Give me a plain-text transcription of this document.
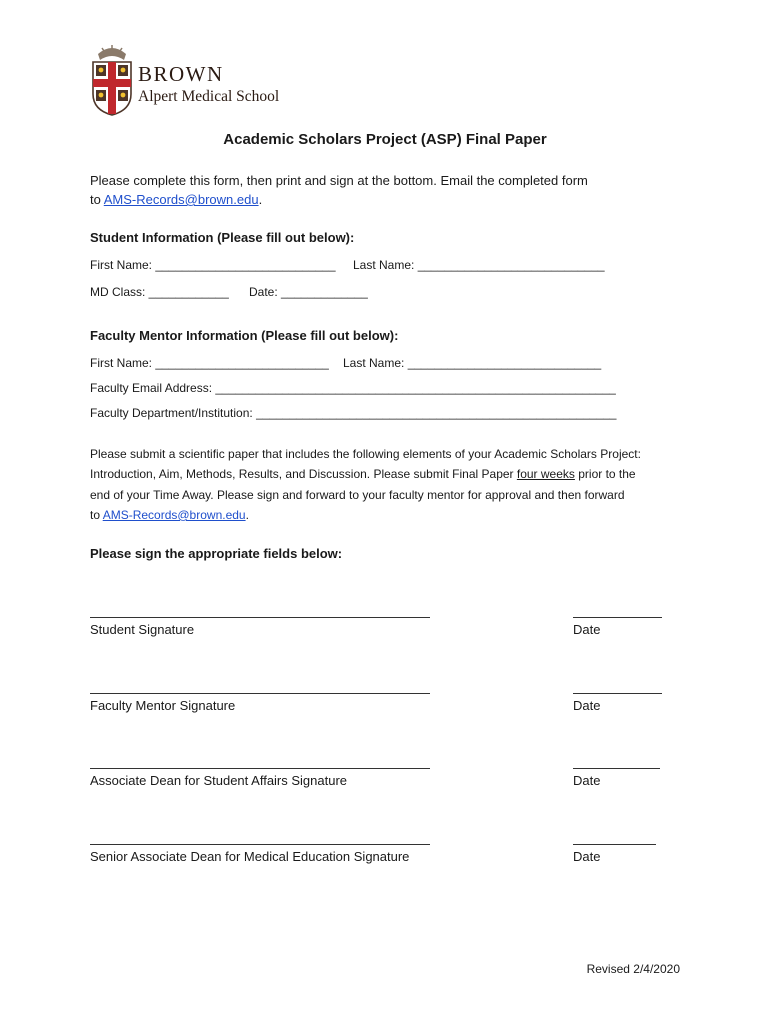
BROWN
Alpert Medical School
Academic Scholars Project (ASP) Final Paper
Please complete this form, then print and sign at the bottom. Email the completed form
to AMS-Records@brown.edu.
Student Information (Please fill out below):
First Name: ___________________________ Last Name: ____________________________
MD Class: ____________ Date: _____________
Faculty Mentor Information (Please fill out below):
First Name: __________________________ Last Name: _____________________________
Faculty Email Address: ____________________________________________________________
Faculty Department/Institution: ______________________________________________________
Please submit a scientific paper that includes the following elements of your Academic Scholars Project:
Introduction, Aim, Methods, Results, and Discussion. Please submit Final Paper four weeks prior to the
end of your Time Away. Please sign and forward to your faculty mentor for approval and then forward
to AMS-Records@brown.edu.
Please sign the appropriate fields below:
Student Signature	Date
Faculty Mentor Signature	Date
Associate Dean for Student Affairs Signature	Date
Senior Associate Dean for Medical Education Signature	Date
Revised 2/4/2020
